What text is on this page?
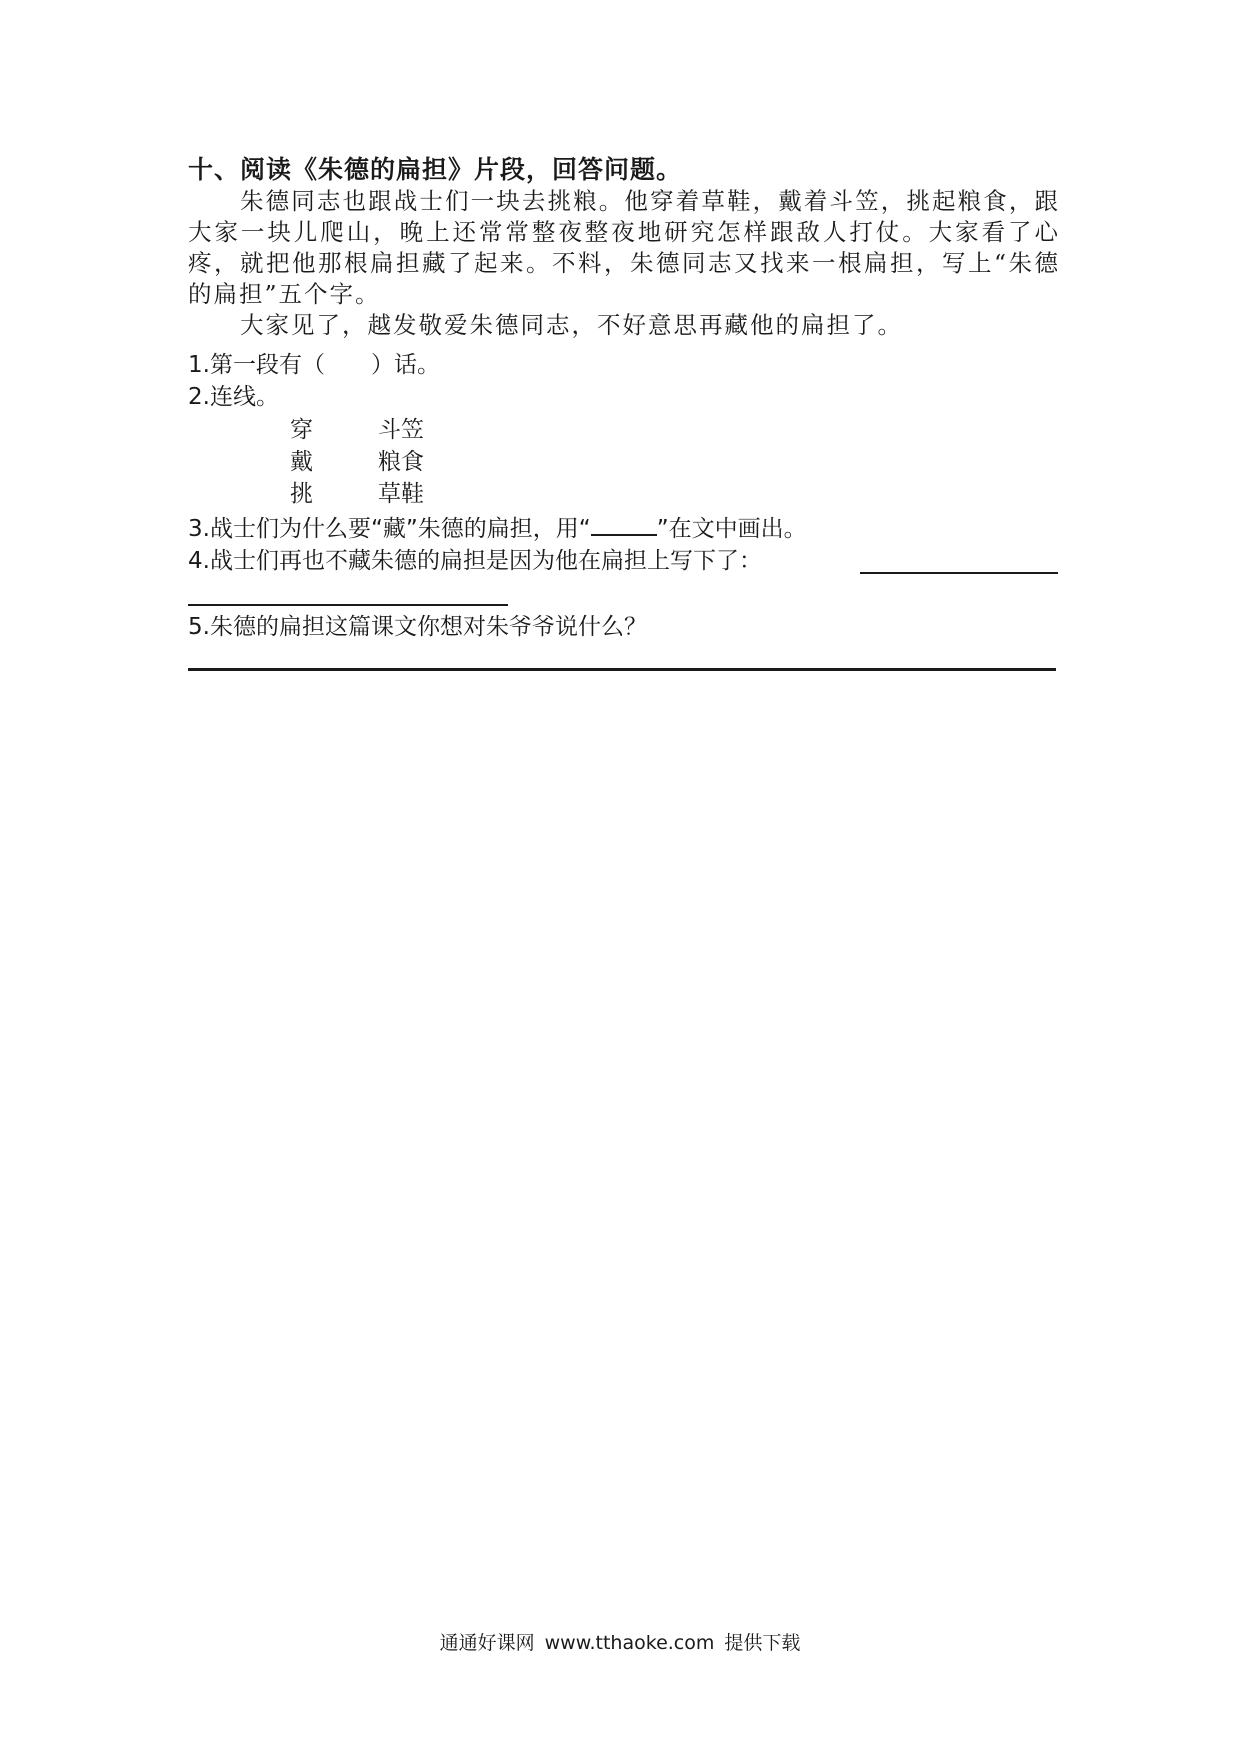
十、阅读《朱德的扁担》片段，回答问题。

朱德同志也跟战士们一块去挑粮。他穿着草鞋，戴着斗笠，挑起粮食，跟大家一块儿爬山，晚上还常常整夜整夜地研究怎样跟敌人打仗。大家看了心疼，就把他那根扁担藏了起来。不料，朱德同志又找来一根扁担，写上“朱德的扁担”五个字。

大家见了，越发敬爱朱德同志，不好意思再藏他的扁担了。

1.第一段有（ ）话。
2.连线。
穿	斗笠
戴	粮食
挑	草鞋
3.战士们为什么要“藏”朱德的扁担，用“	”在文中画出。
4.战士们再也不藏朱德的扁担是因为他在扁担上写下了：
5.朱德的扁担这篇课文你想对朱爷爷说什么？
通通好课网 www.tthaoke.com 提供下载
